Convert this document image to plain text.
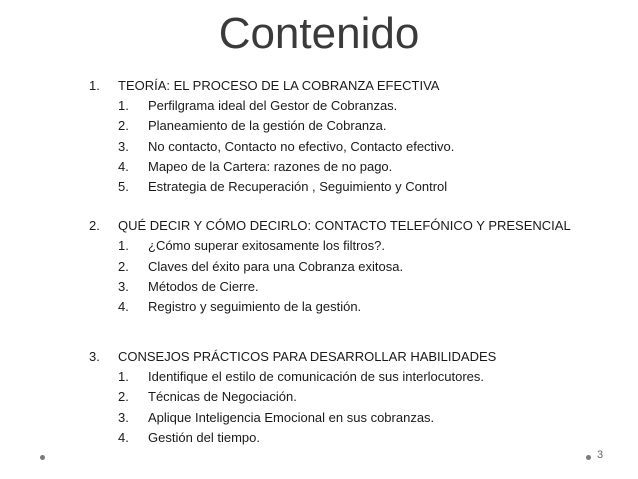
Contenido
1. TEORÍA: EL PROCESO DE LA COBRANZA EFECTIVA
1. Perfilgrama ideal del Gestor de Cobranzas.
2. Planeamiento de la gestión de Cobranza.
3. No contacto, Contacto no efectivo, Contacto efectivo.
4. Mapeo de la Cartera: razones de no pago.
5. Estrategia de Recuperación , Seguimiento y Control
2. QUÉ DECIR Y CÓMO DECIRLO: CONTACTO TELEFÓNICO Y PRESENCIAL
1. ¿Cómo superar exitosamente los filtros?.
2. Claves del éxito para una Cobranza exitosa.
3. Métodos de Cierre.
4. Registro y seguimiento de la gestión.
3. CONSEJOS PRÁCTICOS PARA DESARROLLAR HABILIDADES
1. Identifique el estilo de comunicación de sus interlocutores.
2. Técnicas de Negociación.
3. Aplique Inteligencia Emocional en sus cobranzas.
4. Gestión del tiempo.
3
